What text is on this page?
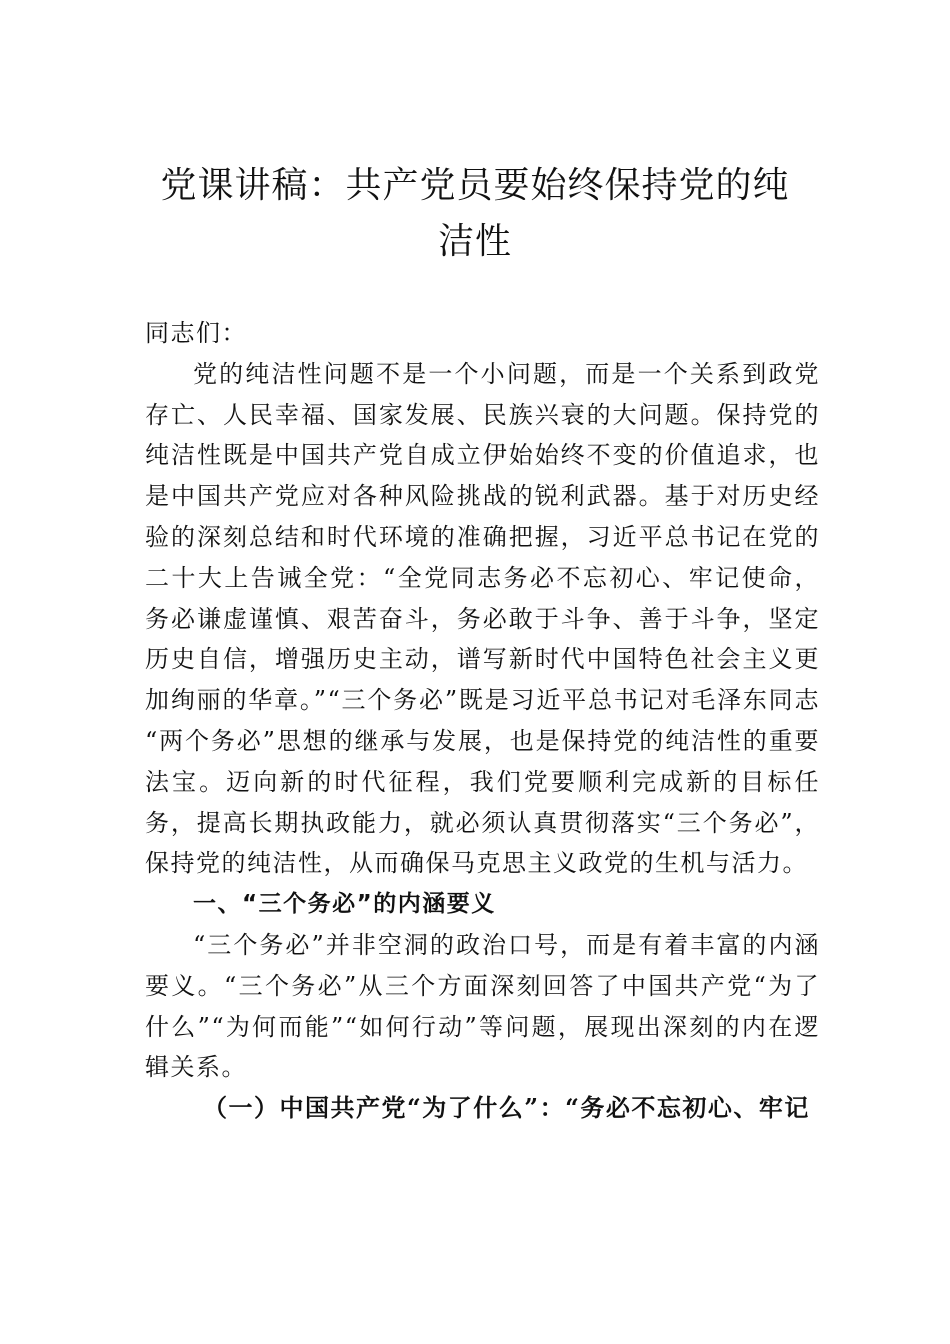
党课讲稿：共产党员要始终保持党的纯洁性

同志们：

党的纯洁性问题不是一个小问题，而是一个关系到政党存亡、人民幸福、国家发展、民族兴衰的大问题。保持党的纯洁性既是中国共产党自成立伊始始终不变的价值追求，也是中国共产党应对各种风险挑战的锐利武器。基于对历史经验的深刻总结和时代环境的准确把握，习近平总书记在党的二十大上告诫全党：“全党同志务必不忘初心、牢记使命，务必谦虚谨慎、艰苦奋斗，务必敢于斗争、善于斗争，坚定历史自信，增强历史主动，谱写新时代中国特色社会主义更加绚丽的华章。”“三个务必”既是习近平总书记对毛泽东同志 “两个务必”思想的继承与发展，也是保持党的纯洁性的重要法宝。迈向新的时代征程，我们党要顺利完成新的目标任务，提高长期执政能力，就必须认真贯彻落实“三个务必”，保持党的纯洁性，从而确保马克思主义政党的生机与活力。

一、“三个务必”的内涵要义

“三个务必”并非空洞的政治口号，而是有着丰富的内涵要义。“三个务必”从三个方面深刻回答了中国共产党“为了什么”“为何而能”“如何行动”等问题，展现出深刻的内在逻辑关系。

（一）中国共产党“为了什么”：“务必不忘初心、牢记
